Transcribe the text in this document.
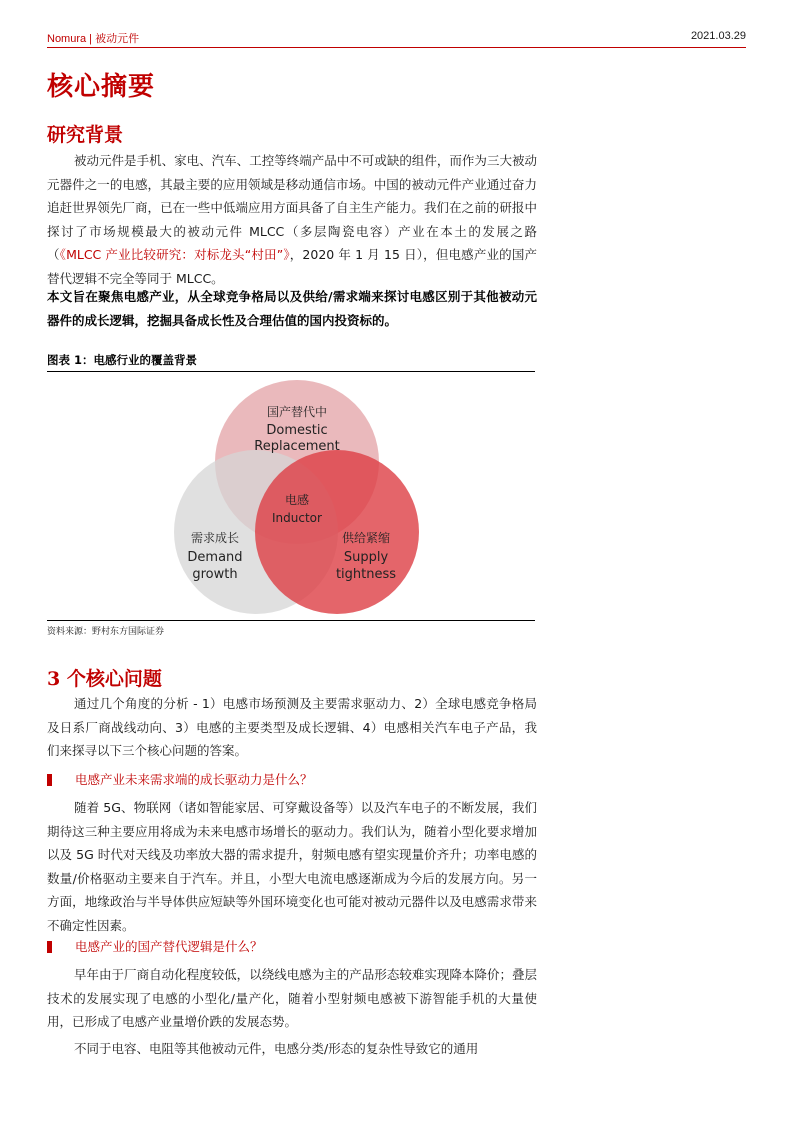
Nomura | 被动元件	2021.03.29
核心摘要
研究背景

被动元件是手机、家电、汽车、工控等终端产品中不可或缺的组件，而作为三大被动元器件之一的电感，其最主要的应用领域是移动通信市场。中国的被动元件产业通过奋力追赶世界领先厂商，已在一些中低端应用方面具备了自主生产能力。我们在之前的研报中探讨了市场规模最大的被动元件 MLCC（多层陶瓷电容）产业在本土的发展之路（《MLCC 产业比较研究：对标龙头“村田”》，2020 年 1 月 15 日），但电感产业的国产替代逻辑不完全等同于 MLCC。

本文旨在聚焦电感产业，从全球竞争格局以及供给/需求端来探讨电感区别于其他被动元器件的成长逻辑，挖掘具备成长性及合理估值的国内投资标的。

图表 1：电感行业的覆盖背景

国产替代中
Domestic
Replacement
电感
Inductor
需求成长
Demand
growth
供给紧缩
Supply
tightness
资料来源：野村东方国际证券
3 个核心问题

通过几个角度的分析 - 1）电感市场预测及主要需求驱动力、2）全球电感竞争格局及日系厂商战线动向、3）电感的主要类型及成长逻辑、4）电感相关汽车电子产品，我们来探寻以下三个核心问题的答案。

电感产业未来需求端的成长驱动力是什么？

随着 5G、物联网（诸如智能家居、可穿戴设备等）以及汽车电子的不断发展，我们期待这三种主要应用将成为未来电感市场增长的驱动力。我们认为，随着小型化要求增加以及 5G 时代对天线及功率放大器的需求提升，射频电感有望实现量价齐升；功率电感的数量/价格驱动主要来自于汽车。并且，小型大电流电感逐渐成为今后的发展方向。另一方面，地缘政治与半导体供应短缺等外国环境变化也可能对被动元器件以及电感需求带来不确定性因素。

电感产业的国产替代逻辑是什么？

早年由于厂商自动化程度较低，以绕线电感为主的产品形态较难实现降本降价；叠层技术的发展实现了电感的小型化/量产化，随着小型射频电感被下游智能手机的大量使用，已形成了电感产业量增价跌的发展态势。

不同于电容、电阻等其他被动元件，电感分类/形态的复杂性导致它的通用
